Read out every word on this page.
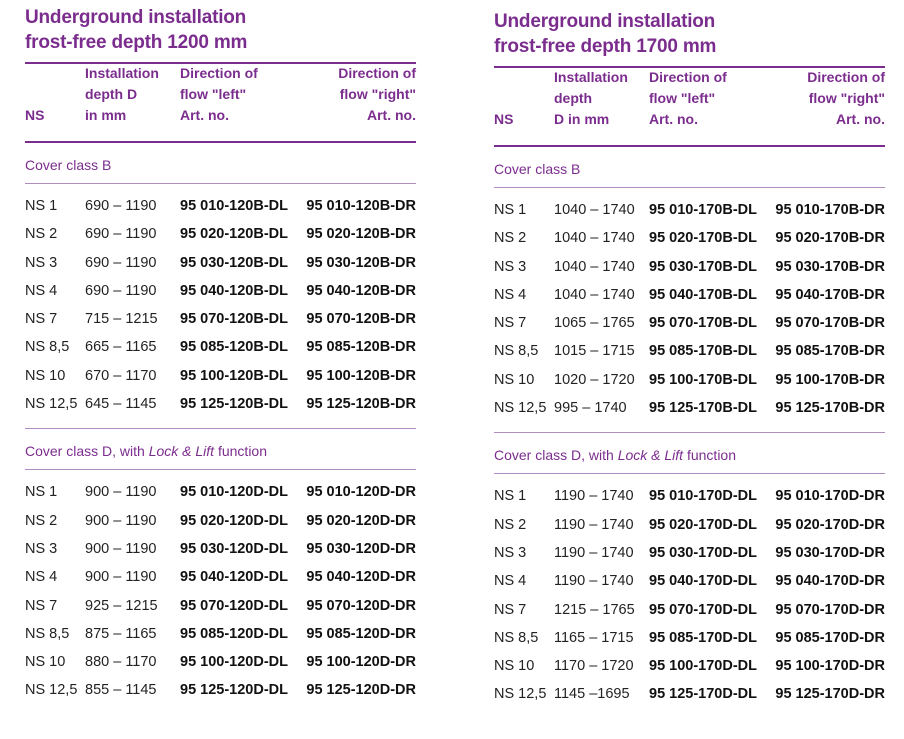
Underground installation
frost-free depth 1200 mm
NS
Installation
depth D
in mm
Direction of
flow "left"
Art. no.
Direction of
flow "right"
Art. no.
Cover class B
NS 1 690 – 1190 95 010-120B-DL 95 010-120B-DR
NS 2 690 – 1190 95 020-120B-DL 95 020-120B-DR
NS 3 690 – 1190 95 030-120B-DL 95 030-120B-DR
NS 4 690 – 1190 95 040-120B-DL 95 040-120B-DR
NS 7 715 – 1215 95 070-120B-DL 95 070-120B-DR
NS 8,5 665 – 1165 95 085-120B-DL 95 085-120B-DR
NS 10 670 – 1170 95 100-120B-DL 95 100-120B-DR
NS 12,5 645 – 1145 95 125-120B-DL 95 125-120B-DR
Cover class D, with Lock & Lift function
NS 1 900 – 1190 95 010-120D-DL 95 010-120D-DR
NS 2 900 – 1190 95 020-120D-DL 95 020-120D-DR
NS 3 900 – 1190 95 030-120D-DL 95 030-120D-DR
NS 4 900 – 1190 95 040-120D-DL 95 040-120D-DR
NS 7 925 – 1215 95 070-120D-DL 95 070-120D-DR
NS 8,5 875 – 1165 95 085-120D-DL 95 085-120D-DR
NS 10 880 – 1170 95 100-120D-DL 95 100-120D-DR
NS 12,5 855 – 1145 95 125-120D-DL 95 125-120D-DR
Underground installation
frost-free depth 1700 mm
NS
Installation
depth
D in mm
Direction of
flow "left"
Art. no.
Direction of
flow "right"
Art. no.
Cover class B
NS 1 1040 – 1740 95 010-170B-DL 95 010-170B-DR
NS 2 1040 – 1740 95 020-170B-DL 95 020-170B-DR
NS 3 1040 – 1740 95 030-170B-DL 95 030-170B-DR
NS 4 1040 – 1740 95 040-170B-DL 95 040-170B-DR
NS 7 1065 – 1765 95 070-170B-DL 95 070-170B-DR
NS 8,5 1015 – 1715 95 085-170B-DL 95 085-170B-DR
NS 10 1020 – 1720 95 100-170B-DL 95 100-170B-DR
NS 12,5 995 – 1740 95 125-170B-DL 95 125-170B-DR
Cover class D, with Lock & Lift function
NS 1 1190 – 1740 95 010-170D-DL 95 010-170D-DR
NS 2 1190 – 1740 95 020-170D-DL 95 020-170D-DR
NS 3 1190 – 1740 95 030-170D-DL 95 030-170D-DR
NS 4 1190 – 1740 95 040-170D-DL 95 040-170D-DR
NS 7 1215 – 1765 95 070-170D-DL 95 070-170D-DR
NS 8,5 1165 – 1715 95 085-170D-DL 95 085-170D-DR
NS 10 1170 – 1720 95 100-170D-DL 95 100-170D-DR
NS 12,5 1145 –1695 95 125-170D-DL 95 125-170D-DR
